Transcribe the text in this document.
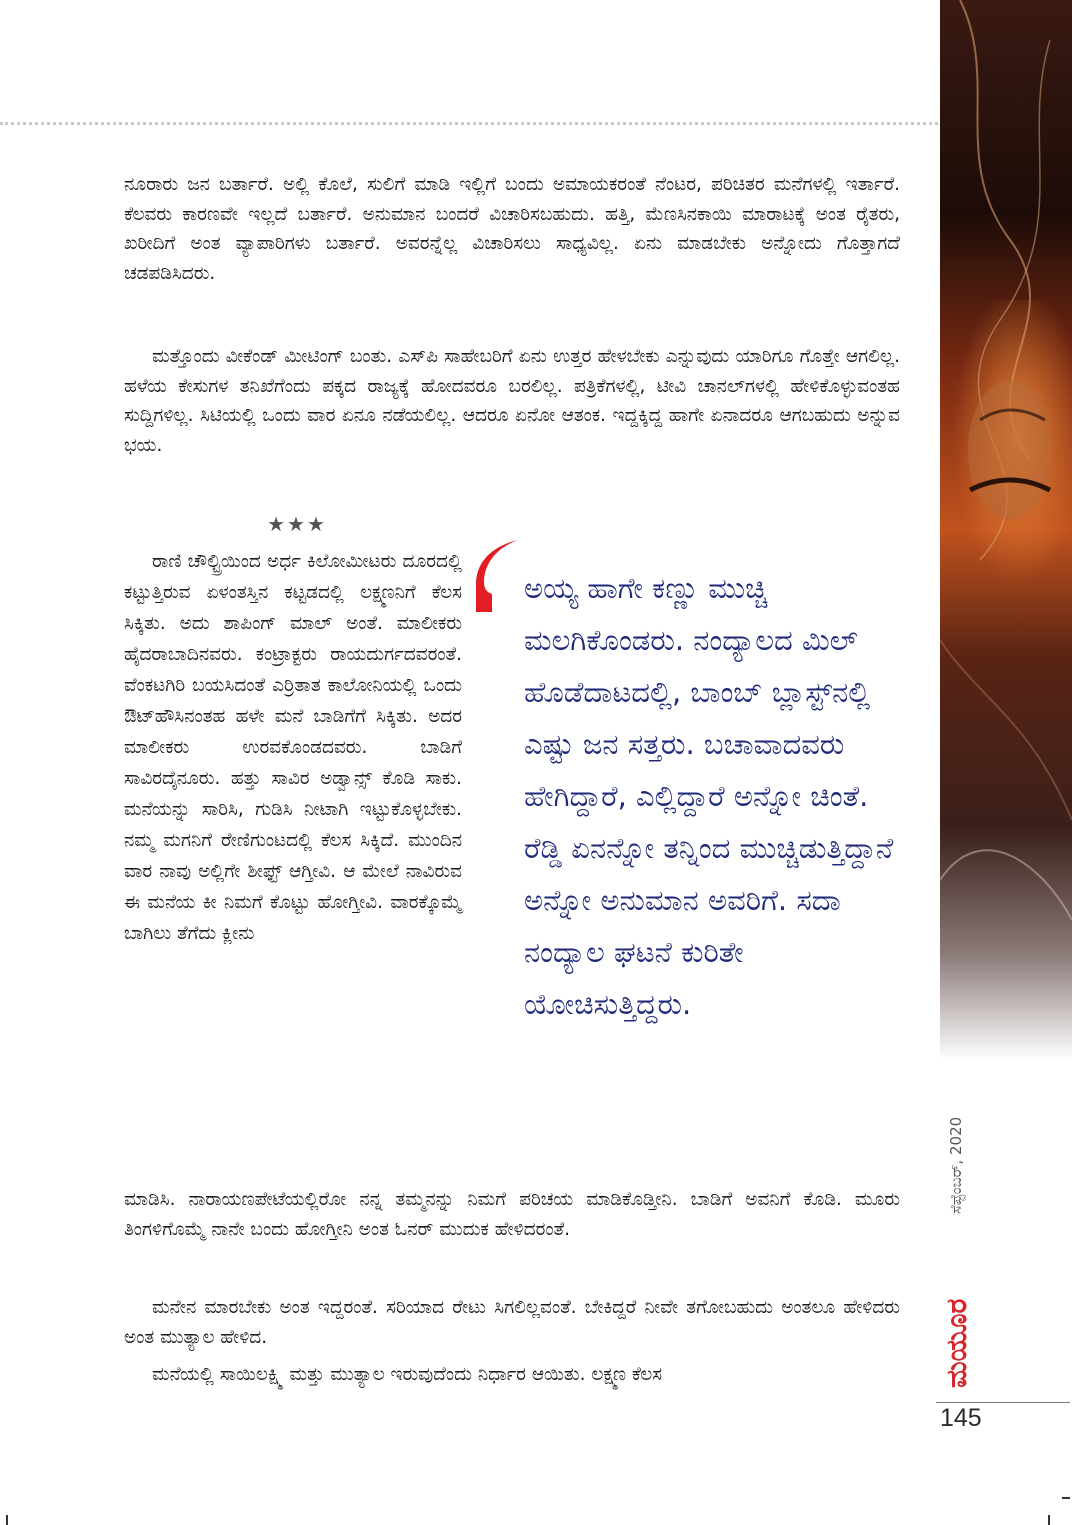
ನೂರಾರು ಜನ ಬರ್ತಾರೆ. ಅಲ್ಲಿ ಕೊಲೆ, ಸುಲಿಗೆ ಮಾಡಿ ಇಲ್ಲಿಗೆ ಬಂದು ಅಮಾಯಕರಂತೆ ನೆಂಟರ, ಪರಿಚಿತರ ಮನೆಗಳಲ್ಲಿ ಇರ್ತಾರೆ. ಕೆಲವರು ಕಾರಣವೇ ಇಲ್ಲದೆ ಬರ್ತಾರೆ. ಅನುಮಾನ ಬಂದರೆ ವಿಚಾರಿಸಬಹುದು. ಹತ್ತಿ, ಮೆಣಸಿನಕಾಯಿ ಮಾರಾಟಕ್ಕೆ ಅಂತ ರೈತರು, ಖರೀದಿಗೆ ಅಂತ ವ್ಯಾಪಾರಿಗಳು ಬರ್ತಾರೆ. ಅವರನ್ನೆಲ್ಲ ವಿಚಾರಿಸಲು ಸಾಧ್ಯವಿಲ್ಲ. ಏನು ಮಾಡಬೇಕು ಅನ್ನೋದು ಗೊತ್ತಾಗದೆ ಚಡಪಡಿಸಿದರು.

ಮತ್ತೊಂದು ವೀಕೆಂಡ್ ಮೀಟಿಂಗ್ ಬಂತು. ಎಸ್‌ಪಿ ಸಾಹೇಬರಿಗೆ ಏನು ಉತ್ತರ ಹೇಳಬೇಕು ಎನ್ನುವುದು ಯಾರಿಗೂ ಗೊತ್ತೇ ಆಗಲಿಲ್ಲ. ಹಳೆಯ ಕೇಸುಗಳ ತನಿಖೆಗೆಂದು ಪಕ್ಕದ ರಾಜ್ಯಕ್ಕೆ ಹೋದವರೂ ಬರಲಿಲ್ಲ. ಪತ್ರಿಕೆಗಳಲ್ಲಿ, ಟೀವಿ ಚಾನಲ್‌ಗಳಲ್ಲಿ ಹೇಳಿಕೊಳ್ಳುವಂತಹ ಸುದ್ದಿಗಳಿಲ್ಲ. ಸಿಟಿಯಲ್ಲಿ ಒಂದು ವಾರ ಏನೂ ನಡೆಯಲಿಲ್ಲ. ಆದರೂ ಏನೋ ಆತಂಕ. ಇದ್ದಕ್ಕಿದ್ದ ಹಾಗೇ ಏನಾದರೂ ಆಗಬಹುದು ಅನ್ನುವ ಭಯ.

★★★

ರಾಣಿ ಚೌಲ್ಟ್ರಿಯಿಂದ ಅರ್ಧ ಕಿಲೋಮೀಟರು ದೂರದಲ್ಲಿ ಕಟ್ಟುತ್ತಿರುವ ಏಳಂತಸ್ತಿನ ಕಟ್ಟಡದಲ್ಲಿ ಲಕ್ಷ್ಮಣನಿಗೆ ಕೆಲಸ ಸಿಕ್ಕಿತು. ಅದು ಶಾಪಿಂಗ್ ಮಾಲ್ ಅಂತೆ. ಮಾಲೀಕರು ಹೈದರಾಬಾದಿನವರು. ಕಂಟ್ರಾಕ್ಟರು ರಾಯದುರ್ಗದವರಂತೆ. ವೆಂಕಟಗಿರಿ ಬಯಸಿದಂತೆ ಎರ್ರಿತಾತ ಕಾಲೋನಿಯಲ್ಲಿ ಒಂದು ಔಟ್‌ಹೌಸಿನಂತಹ ಹಳೇ ಮನೆ ಬಾಡಿಗೆಗೆ ಸಿಕ್ಕಿತು. ಅದರ ಮಾಲೀಕರು ಉರವಕೊಂಡದವರು. ಬಾಡಿಗೆ ಸಾವಿರದೈನೂರು. ಹತ್ತು ಸಾವಿರ ಅಡ್ವಾನ್ಸ್ ಕೊಡಿ ಸಾಕು. ಮನೆಯನ್ನು ಸಾರಿಸಿ, ಗುಡಿಸಿ ನೀಟಾಗಿ ಇಟ್ಟುಕೊಳ್ಳಬೇಕು. ನಮ್ಮ ಮಗನಿಗೆ ರೇಣಿಗುಂಟದಲ್ಲಿ ಕೆಲಸ ಸಿಕ್ಕಿದೆ. ಮುಂದಿನ ವಾರ ನಾವು ಅಲ್ಲಿಗೇ ಶೀಫ್ಟ್ ಆಗ್ತೀವಿ. ಆ ಮೇಲೆ ನಾವಿರುವ ಈ ಮನೆಯ ಕೀ ನಿಮಗೆ ಕೊಟ್ಟು ಹೋಗ್ತೀವಿ. ವಾರಕ್ಕೊಮ್ಮೆ ಬಾಗಿಲು ತೆಗೆದು ಕ್ಲೀನು

ಅಯ್ಯ ಹಾಗೇ ಕಣ್ಣು ಮುಚ್ಚಿ ಮಲಗಿಕೊಂಡರು. ನಂದ್ಯಾಲದ ಮಿಲ್ ಹೊಡೆದಾಟದಲ್ಲಿ, ಬಾಂಬ್ ಬ್ಲಾಸ್ಟ್‌ನಲ್ಲಿ ಎಷ್ಟು ಜನ ಸತ್ತರು. ಬಚಾವಾದವರು ಹೇಗಿದ್ದಾರೆ, ಎಲ್ಲಿದ್ದಾರೆ ಅನ್ನೋ ಚಿಂತೆ. ರೆಡ್ಡಿ ಏನನ್ನೋ ತನ್ನಿಂದ ಮುಚ್ಚಿಡುತ್ತಿದ್ದಾನೆ ಅನ್ನೋ ಅನುಮಾನ ಅವರಿಗೆ. ಸದಾ ನಂದ್ಯಾಲ ಘಟನೆ ಕುರಿತೇ ಯೋಚಿಸುತ್ತಿದ್ದರು.

ಮಾಡಿಸಿ. ನಾರಾಯಣಪೇಟೆಯಲ್ಲಿರೋ ನನ್ನ ತಮ್ಮನನ್ನು ನಿಮಗೆ ಪರಿಚಯ ಮಾಡಿಕೊಡ್ತೀನಿ. ಬಾಡಿಗೆ ಅವನಿಗೆ ಕೊಡಿ. ಮೂರು ತಿಂಗಳಿಗೊಮ್ಮೆ ನಾನೇ ಬಂದು ಹೋಗ್ತೀನಿ ಅಂತ ಓನರ್ ಮುದುಕ ಹೇಳಿದರಂತೆ.

ಮನೇನ ಮಾರಬೇಕು ಅಂತ ಇದ್ದರಂತೆ. ಸರಿಯಾದ ರೇಟು ಸಿಗಲಿಲ್ಲವಂತೆ. ಬೇಕಿದ್ದರೆ ನೀವೇ ತಗೋಬಹುದು ಅಂತಲೂ ಹೇಳಿದರು ಅಂತ ಮುತ್ಯಾಲ ಹೇಳಿದ.

ಮನೆಯಲ್ಲಿ ಸಾಯಿಲಕ್ಷ್ಮಿ ಮತ್ತು ಮುತ್ಯಾಲ ಇರುವುದೆಂದು ನಿರ್ಧಾರ ಆಯಿತು. ಲಕ್ಷ್ಮಣ ಕೆಲಸ

ಸೆಪ್ಟೆಂಬರ್, 2020
ಮಯೂರ
145
